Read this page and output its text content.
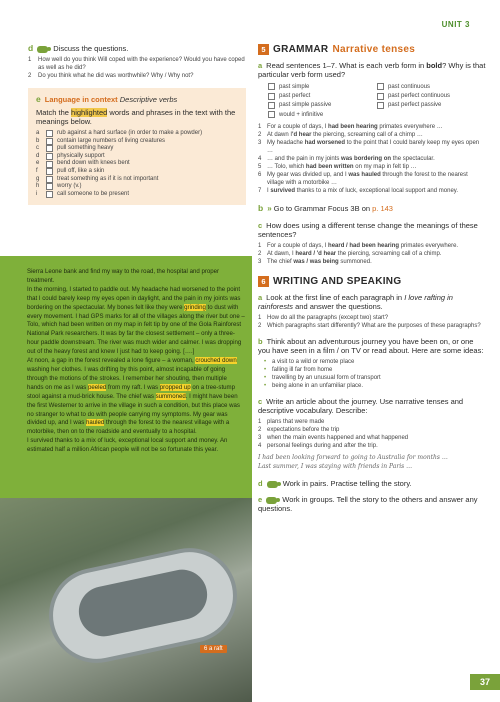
UNIT 3
d	Discuss the questions.
1	How well do you think Will coped with the experience? Would you have coped as well as he did?
2	Do you think what he did was worthwhile? Why / Why not?
e Language in context Descriptive verbs
Match the highlighted words and phrases in the text with the meanings below.
a	rub against a hard surface (in order to make a powder)
b	contain large numbers of living creatures
c	pull something heavy
d	physically support
e	bend down with knees bent
f	pull off, like a skin
g	treat something as if it is not important
h	worry (v.)
i	call someone to be present

Sierra Leone bank and find my way to the road, the hospital and proper treatment.

In the morning, I started to paddle out. My headache had worsened to the point that I could barely keep my eyes open in daylight, and the pain in my joints was bordering on the spectacular. My bones felt like they were grinding to dust with every movement. I had GPS marks for all of the villages along the river but one – Tolo, which had been written on my map in felt tip by one of the Gola Rainforest National Park researchers. It was by far the closest settlement – only a three-hour paddle downstream. The river was much wider and calmer. I was dropping out of the heavy forest and knew I just had to keep going. [….]

At noon, a gap in the forest revealed a lone figure – a woman, crouched down washing her clothes. I was drifting by this point, almost incapable of going through the motions of the strokes. I remember her shouting, then multiple hands on me as I was peeled from my raft. I was propped up on a tree-stump stool against a mud-brick house. The chief was summoned. I might have been the first Westerner to arrive in the village in such a condition, but this place was no stranger to what to do with people carrying my symptoms. My gear was divided up, and I was hauled through the forest to the nearest village with a motorbike, then on to the roadside and eventually to a hospital.

I survived thanks to a mix of luck, exceptional local support and money. An estimated half a million African people will not be so fortunate this year.

6 a raft
5 GRAMMAR Narrative tenses
a Read sentences 1–7. What is each verb form in bold? Why is that particular verb form used?
past simple	past continuous
past perfect	past perfect continuous
past simple passive	past perfect passive
would + infinitive
1 For a couple of days, I had been hearing primates everywhere …
2 At dawn I'd hear the piercing, screaming call of a chimp …
3 My headache had worsened to the point that I could barely keep my eyes open …
4 … and the pain in my joints was bordering on the spectacular.
5 … Tolo, which had been written on my map in felt tip …
6 My gear was divided up, and I was hauled through the forest to the nearest village with a motorbike …
7 I survived thanks to a mix of luck, exceptional local support and money.
b » Go to Grammar Focus 3B on p. 143
c How does using a different tense change the meanings of these sentences?
1 For a couple of days, I heard / had been hearing primates everywhere.
2 At dawn, I heard / 'd hear the piercing, screaming call of a chimp.
3 The chief was / was being summoned.
6 WRITING AND SPEAKING
a Look at the first line of each paragraph in I love rafting in rainforests and answer the questions.
1 How do all the paragraphs (except two) start?
2 Which paragraphs start differently? What are the purposes of these paragraphs?
b Think about an adventurous journey you have been on, or one you have seen in a film / on TV or read about. Here are some ideas:
• a visit to a wild or remote place
• falling ill far from home
• travelling by an unusual form of transport
• being alone in an unfamiliar place.
c Write an article about the journey. Use narrative tenses and descriptive vocabulary. Describe:
1 plans that were made
2 expectations before the trip
3 when the main events happened and what happened
4 personal feelings during and after the trip.
I had been looking forward to going to Australia for months …
Last summer, I was staying with friends in Paris …
d	Work in pairs. Practise telling the story.
e	Work in groups. Tell the story to the others and answer any questions.
37
